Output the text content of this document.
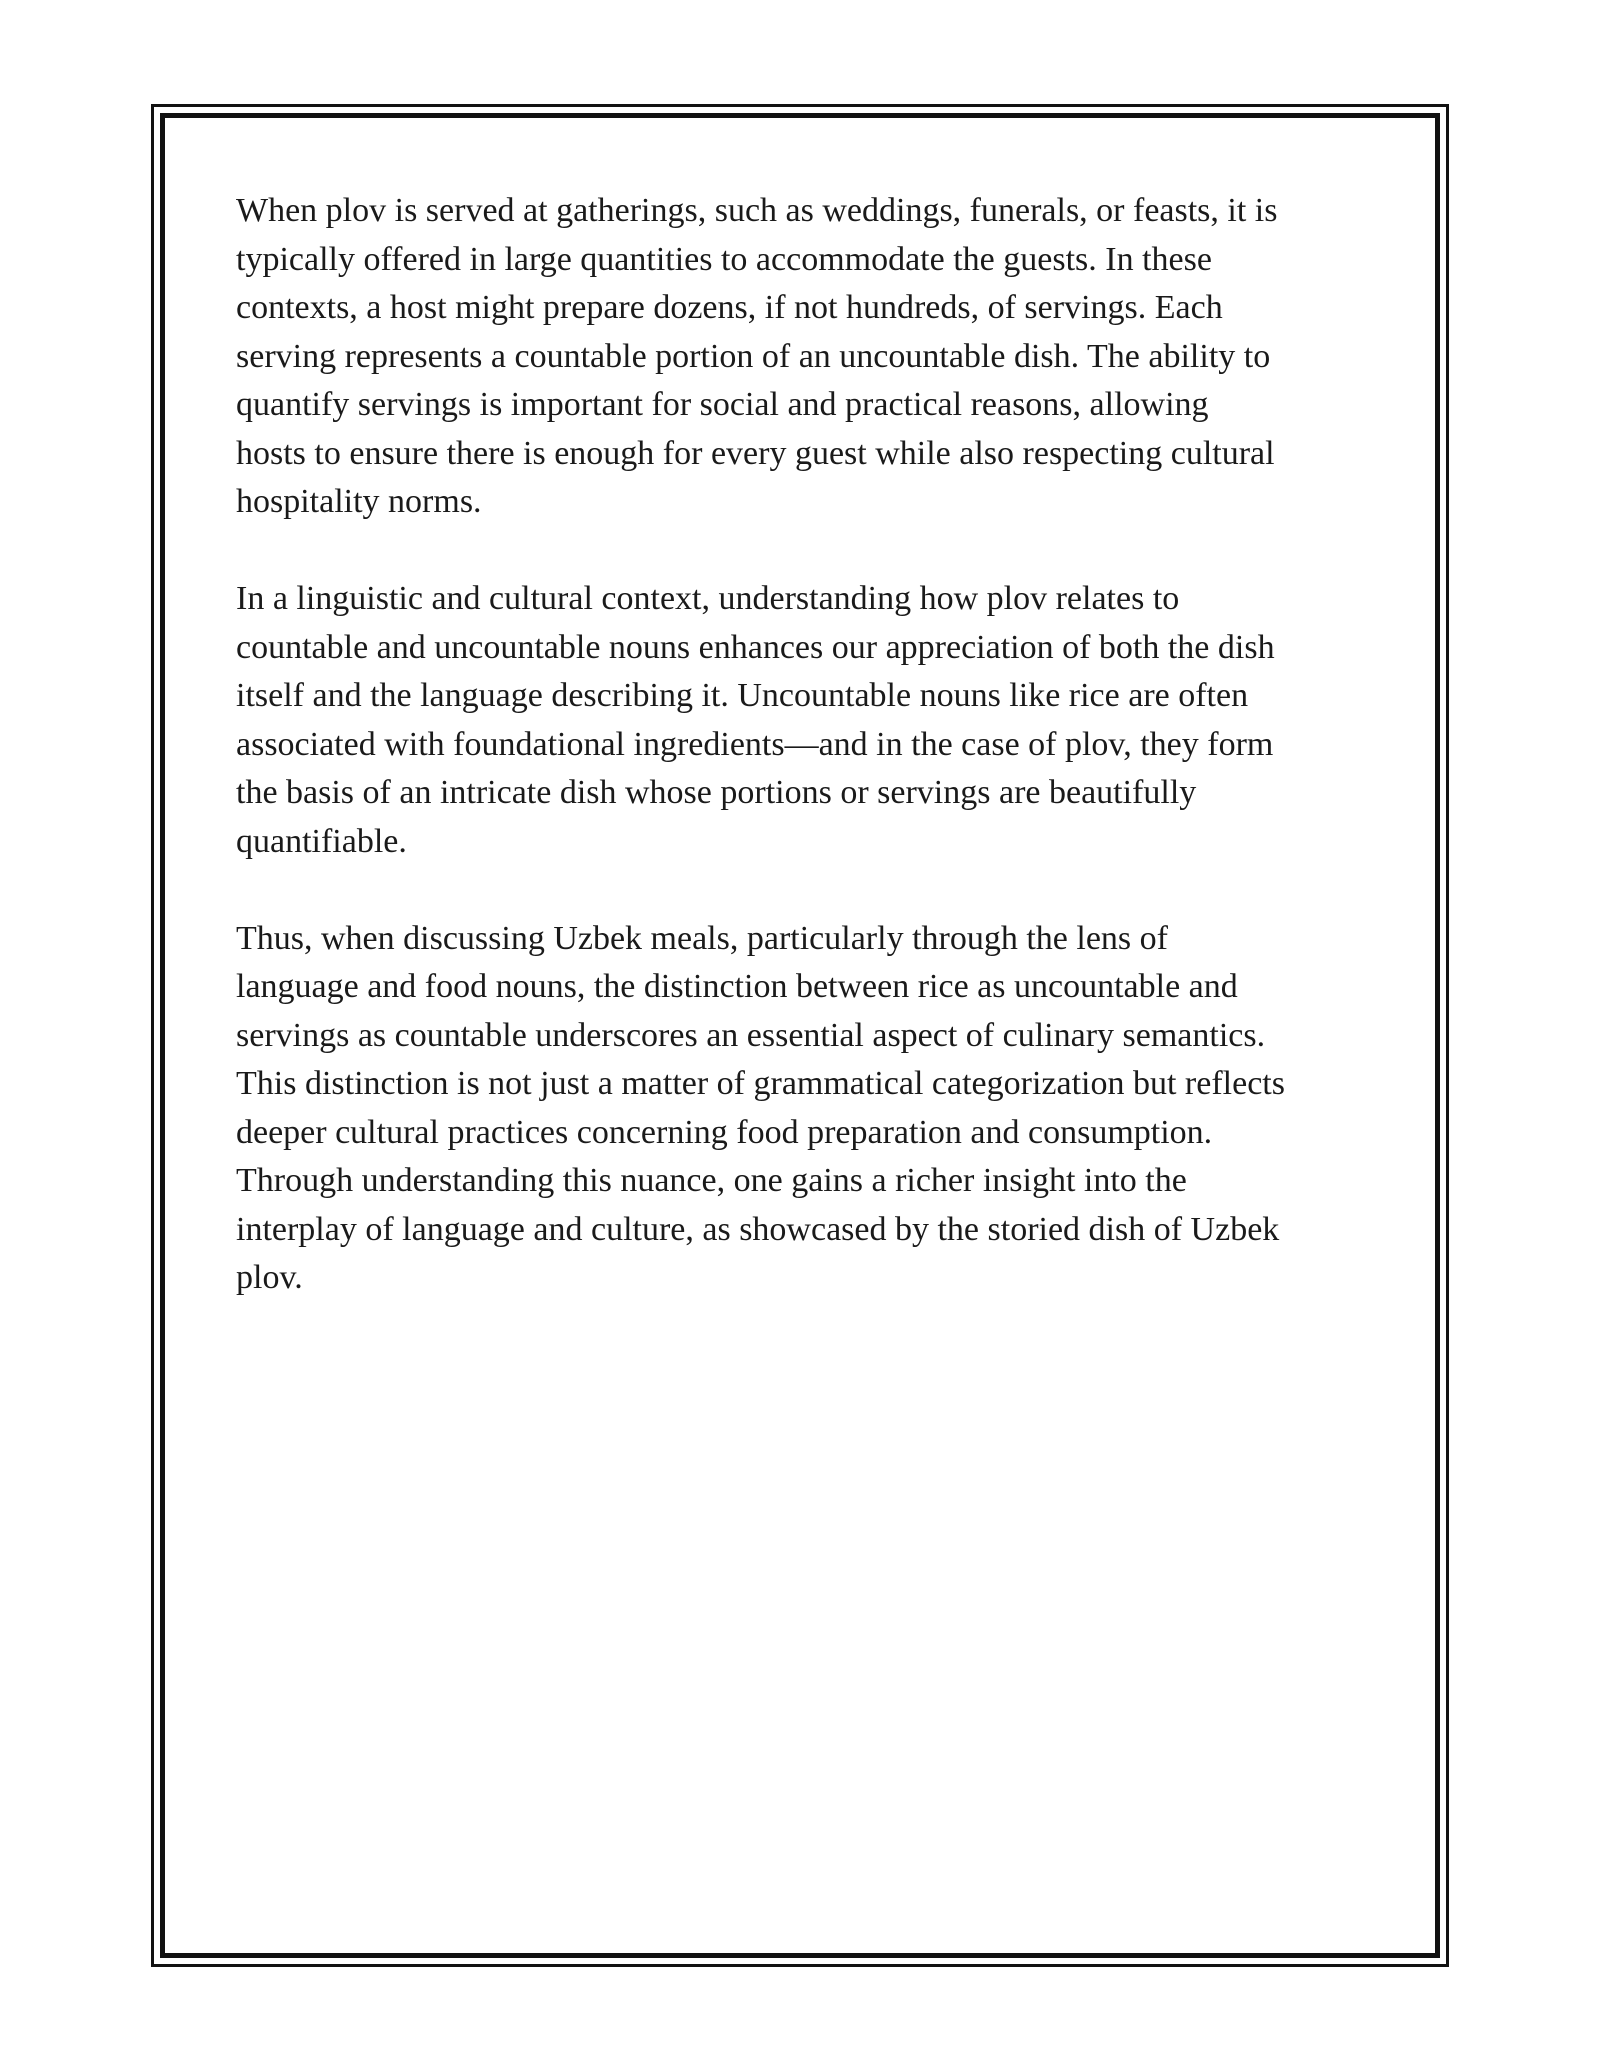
When plov is served at gatherings, such as weddings, funerals, or feasts, it is
typically offered in large quantities to accommodate the guests. In these
contexts, a host might prepare dozens, if not hundreds, of servings. Each
serving represents a countable portion of an uncountable dish. The ability to
quantify servings is important for social and practical reasons, allowing
hosts to ensure there is enough for every guest while also respecting cultural
hospitality norms.

In a linguistic and cultural context, understanding how plov relates to
countable and uncountable nouns enhances our appreciation of both the dish
itself and the language describing it. Uncountable nouns like rice are often
associated with foundational ingredients—and in the case of plov, they form
the basis of an intricate dish whose portions or servings are beautifully
quantifiable.

Thus, when discussing Uzbek meals, particularly through the lens of
language and food nouns, the distinction between rice as uncountable and
servings as countable underscores an essential aspect of culinary semantics.
This distinction is not just a matter of grammatical categorization but reflects
deeper cultural practices concerning food preparation and consumption.
Through understanding this nuance, one gains a richer insight into the
interplay of language and culture, as showcased by the storied dish of Uzbek
plov.
